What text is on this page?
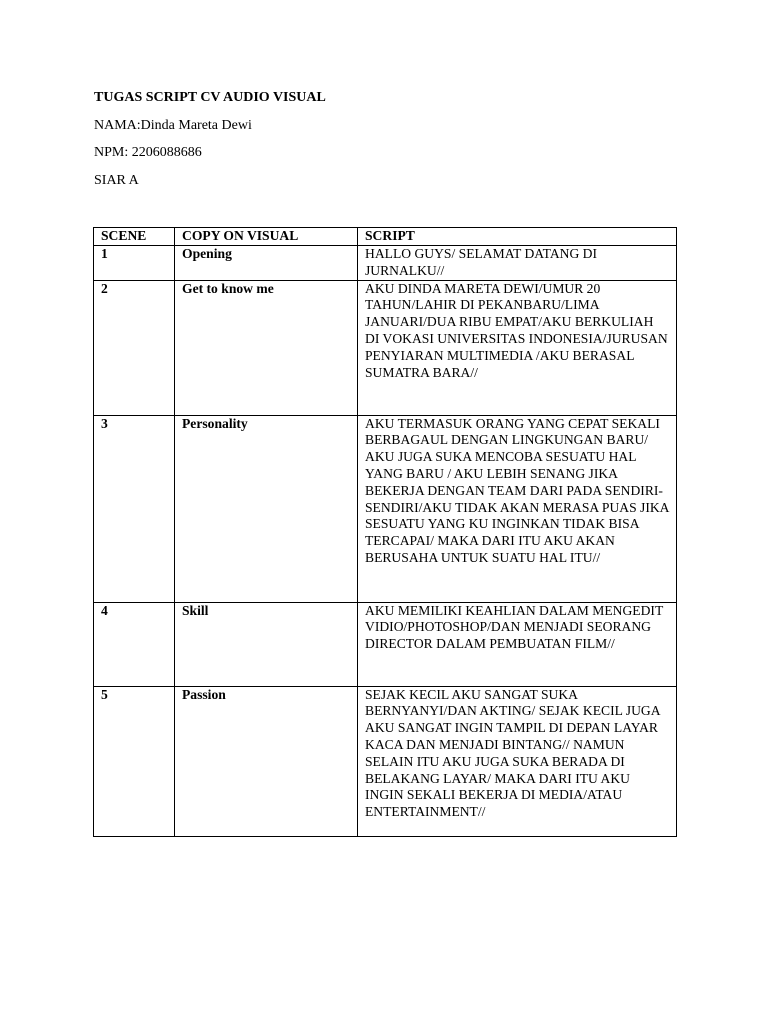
TUGAS SCRIPT CV AUDIO VISUAL
NAMA:Dinda Mareta Dewi
NPM: 2206088686
SIAR A
SCENE	COPY ON VISUAL	SCRIPT
1	Opening	HALLO GUYS/ SELAMAT DATANG DI JURNALKU//
2	Get to know me	AKU DINDA MARETA DEWI/UMUR 20 TAHUN/LAHIR DI PEKANBARU/LIMA JANUARI/DUA RIBU EMPAT/AKU BERKULIAH DI VOKASI UNIVERSITAS INDONESIA/JURUSAN PENYIARAN MULTIMEDIA /AKU BERASAL SUMATRA BARA//
3	Personality	AKU TERMASUK ORANG YANG CEPAT SEKALI BERBAGAUL DENGAN LINGKUNGAN BARU/ AKU JUGA SUKA MENCOBA SESUATU HAL YANG BARU / AKU LEBIH SENANG JIKA BEKERJA DENGAN TEAM DARI PADA SENDIRI-SENDIRI/AKU TIDAK AKAN MERASA PUAS JIKA SESUATU YANG KU INGINKAN TIDAK BISA TERCAPAI/ MAKA DARI ITU AKU AKAN BERUSAHA UNTUK SUATU HAL ITU//
4	Skill	AKU MEMILIKI KEAHLIAN DALAM MENGEDIT VIDIO/PHOTOSHOP/DAN MENJADI SEORANG DIRECTOR DALAM PEMBUATAN FILM//
5	Passion	SEJAK KECIL AKU SANGAT SUKA BERNYANYI/DAN AKTING/ SEJAK KECIL JUGA AKU SANGAT INGIN TAMPIL DI DEPAN LAYAR KACA DAN MENJADI BINTANG// NAMUN SELAIN ITU AKU JUGA SUKA BERADA DI BELAKANG LAYAR/ MAKA DARI ITU AKU INGIN SEKALI BEKERJA DI MEDIA/ATAU ENTERTAINMENT//
